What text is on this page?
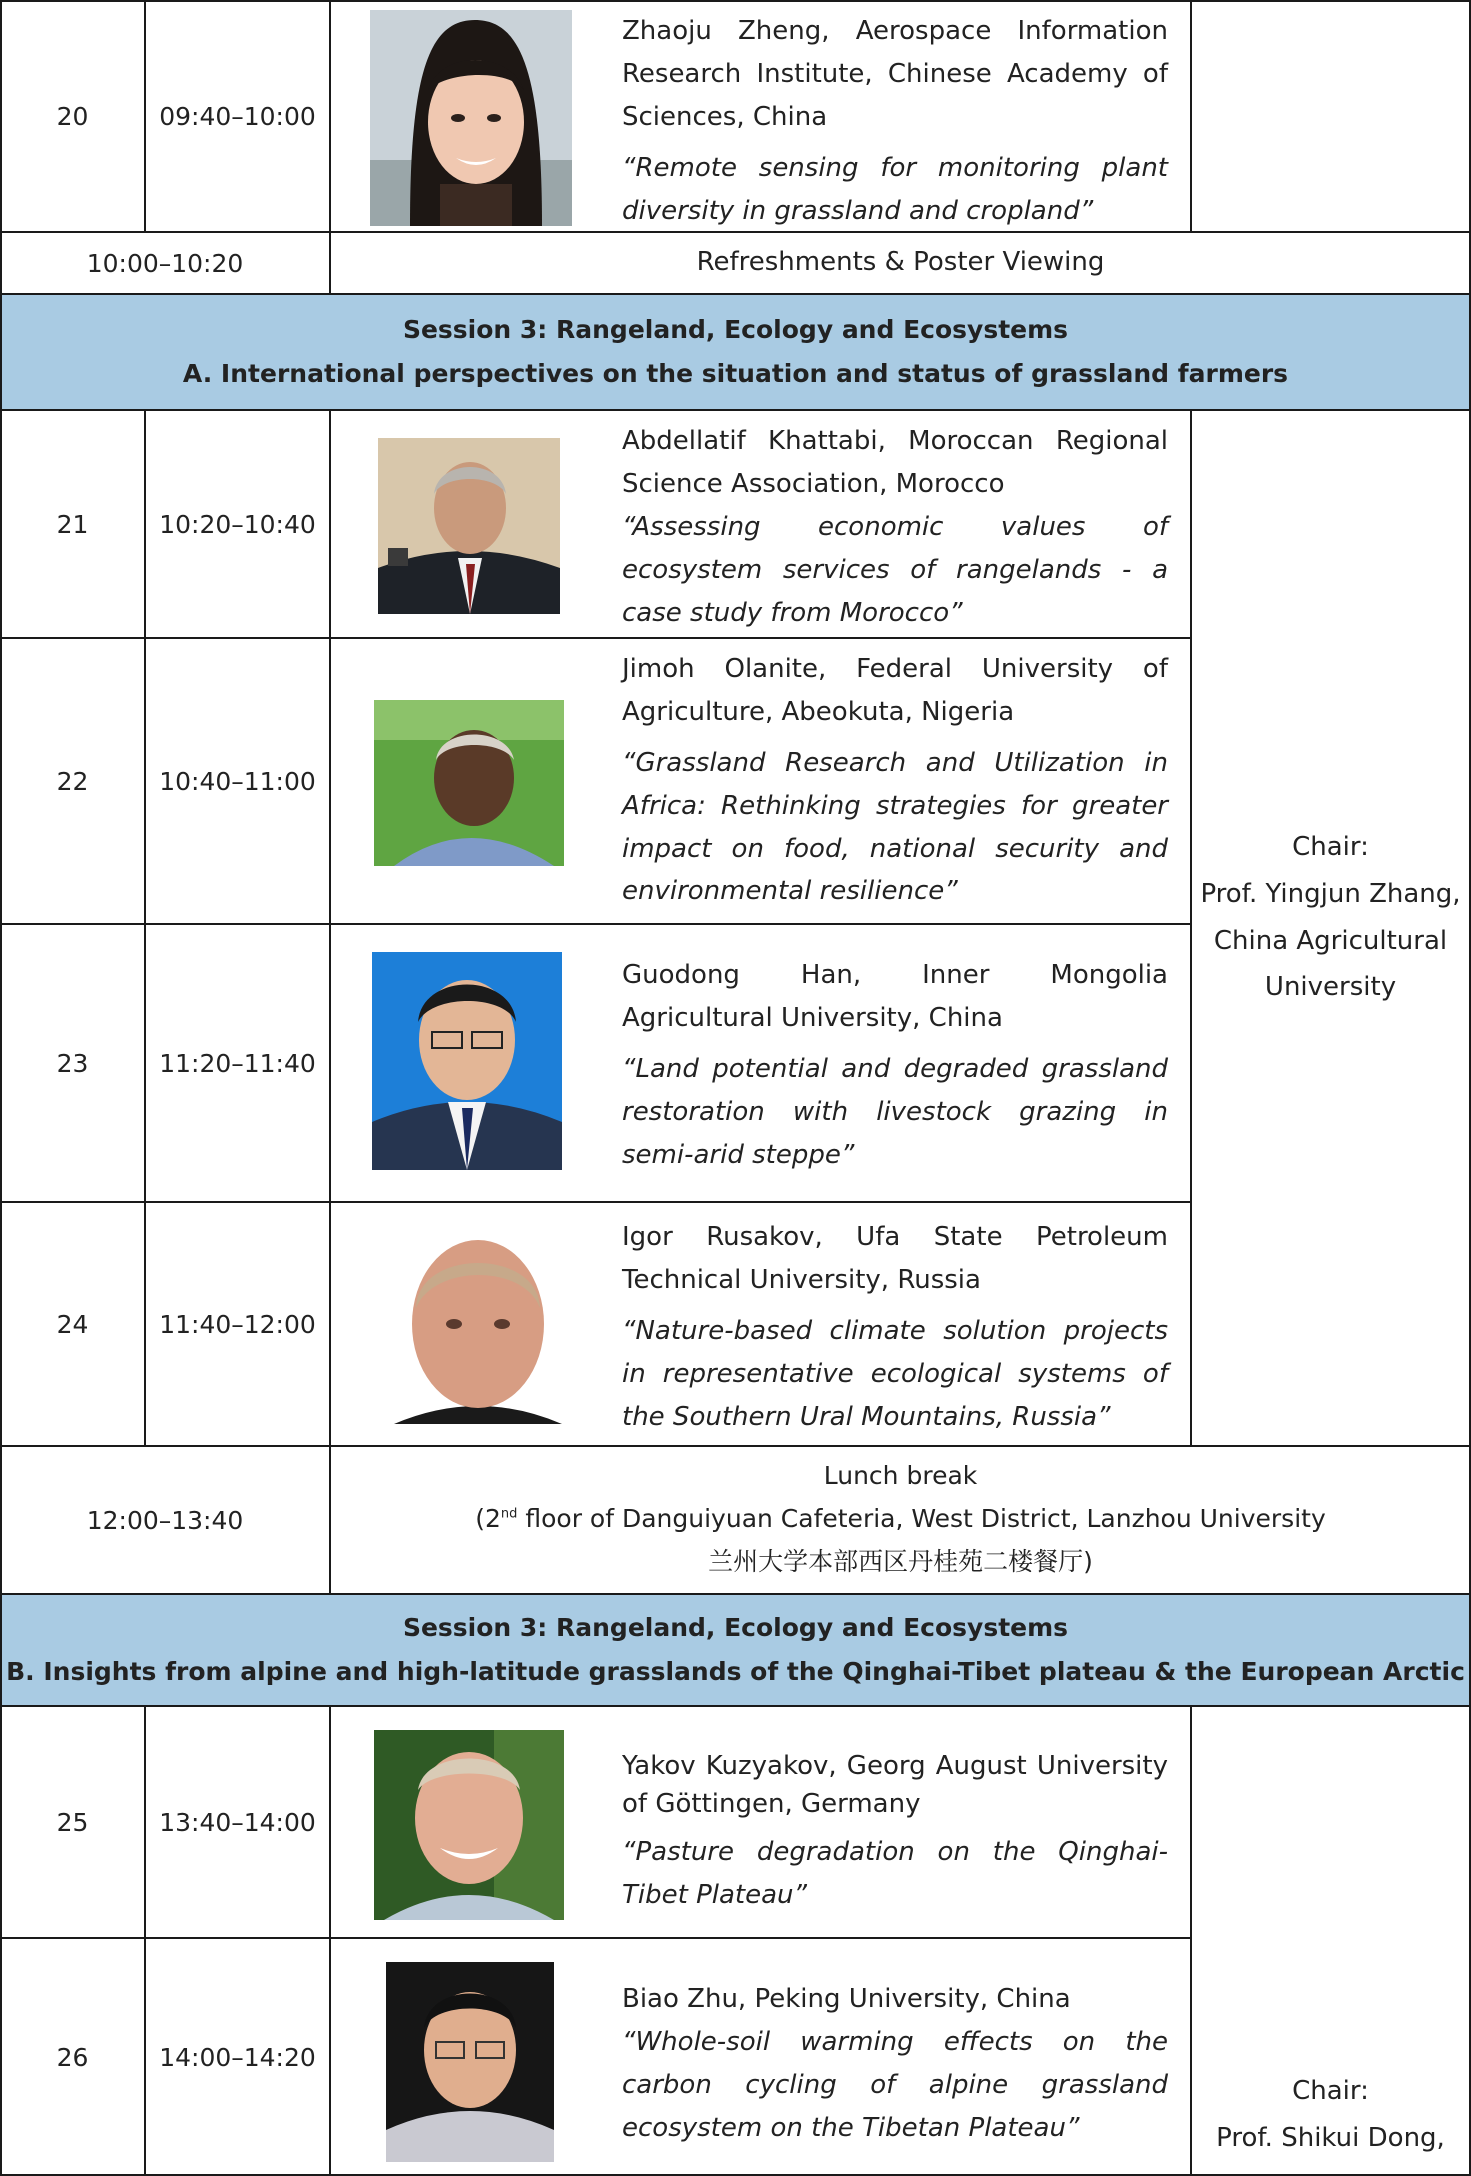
20	09:40–10:00

Zhaoju Zheng, Aerospace Information Research Institute, Chinese Academy of Sciences, China

“Remote sensing for monitoring plant diversity in grassland and cropland”

10:00–10:20	Refreshments & Poster Viewing
Session 3: Rangeland, Ecology and Ecosystems
A. International perspectives on the situation and status of grassland farmers
21	10:20–10:40

Abdellatif Khattabi, Moroccan Regional Science Association, Morocco

“Assessing economic values of ecosystem services of rangelands - a case study from Morocco”

22	10:40–11:00

Jimoh Olanite, Federal University of Agriculture, Abeokuta, Nigeria

“Grassland Research and Utilization in Africa: Rethinking strategies for greater impact on food, national security and environmental resilience”

23	11:20–11:40

Guodong Han, Inner Mongolia Agricultural University, China

“Land potential and degraded grassland restoration with livestock grazing in semi-arid steppe”

24	11:40–12:00

Igor Rusakov, Ufa State Petroleum Technical University, Russia

“Nature-based climate solution projects in representative ecological systems of the Southern Ural Mountains, Russia”

Chair:
Prof. Yingjun Zhang,
China Agricultural
University
12:00–13:40
Lunch break
(2nd floor of Danguiyuan Cafeteria, West District, Lanzhou University
兰州大学本部西区丹桂苑二楼餐厅)
Session 3: Rangeland, Ecology and Ecosystems
B. Insights from alpine and high-latitude grasslands of the Qinghai-Tibet plateau & the European Arctic
25	13:40–14:00

Yakov Kuzyakov, Georg August University of Göttingen, Germany

“Pasture degradation on the Qinghai-Tibet Plateau”

26	14:00–14:20

Biao Zhu, Peking University, China

“Whole-soil warming effects on the carbon cycling of alpine grassland ecosystem on the Tibetan Plateau”

Chair:
Prof. Shikui Dong,
